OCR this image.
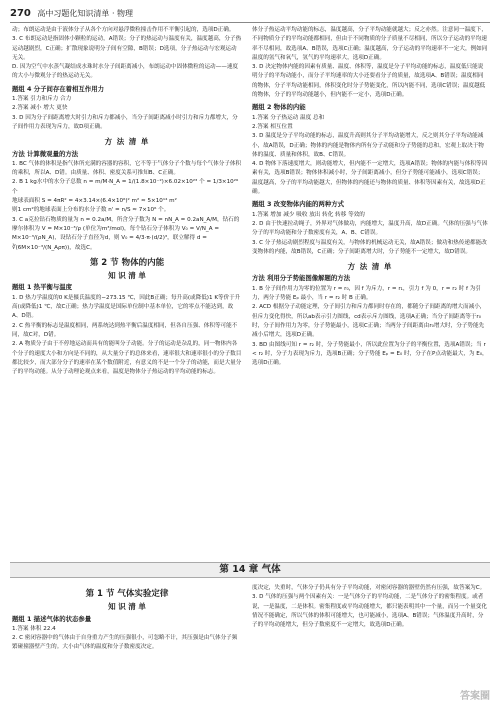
270 高中习题化知识清单 · 物理

动；布朗运动是由于液体分子从各个方向对悬浮微粒撞击作用不平衡引起的，选项D正确。

3. C 布朗运动是指固体小颗粒的运动，A错误；分子的热运动与温度有关，温度越高，分子热运动越剧烈，C正确；扩散现象说明分子间有空隙，B错误；D选项，分子热运动与宏观运动无关。

D. 因为空气中水蒸气凝结成水珠时水分子间距离减小，布朗运动中固体微粒的运动——速度的大小与微观分子的热运动无关。

题组 4 分子间存在着相互作用力

1.答案 引力和斥力 合力

2.答案 减小 增大 更快

3. D 因为分子间距离增大时引力和斥力都减小，当分子间距离减小时引力和斥力都增大，分子间作用力表现为斥力，故D项正确。

方 法 清 单
方法 计算微观量的方法

1. BC 气体的体积是指气体所充满的容器的容积，它不等于气体分子个数与每个气体分子体积的乘积，所以A、D错。由质量、体积、密度关系可推知B、C正确。

2. B 1 kg水中的水分子总数 n = m/M·N_A = 1/(1.8×10⁻²)×6.02×10²³ 个 = 1/3×10²⁶ 个

地球表面积 S = 4πR² = 4×3.14×(6.4×10⁶)² m² ≈ 5×10¹⁴ m²

则1 cm²的地球表面上分布的水分子数 n' = n/S ≈ 7×10⁶ 个。

3. C a克拉钻石物质的量为 n = 0.2a/M，所含分子数为 N = nN_A = 0.2aN_A/M，钻石的摩尔体积为 V = M×10⁻³/ρ (单位为m³/mol)，每个钻石分子体积为 V₀ = V/N_A = M×10⁻³/(ρN_A)，设钻石分子直径为d，则 V₀ = 4/3·π·(d/2)³，联立解得 d = ∛(6M×10⁻³/(N_Aρπ))，故选C。

第 2 节 物体的内能
知 识 清 单
题组 1 热平衡与温度

1. D 热力学温度的0 K是摄氏温度的−273.15 ℃，因此B正确；每升高(或降低)1 K等价于升高(或降低)1 ℃，故C正确；热力学温度是国际单位制中基本单位，它的零点不能达到，故A、D错。

2. C 热平衡的标志是温度相同，两系统达到热平衡后温度相同，但各自压强、体积等可能不同，故C对，D错。

2. A 物质分子由于不停地运动而具有的能叫分子动能。分子的运动是杂乱的，同一物体内各个分子的速度大小和方向是不同的，从大量分子的总体来看，速率很大和速率很小的分子数目都比较少，而大部分分子的速率在某个数值附近，有意义的不是一个分子的动能，而是大量分子的平均动能。从分子动理论观点来看，温度是物体分子热运动的平均动能的标志。

体分子热运动平均动能的标志，温度越高，分子平均动能就越大；反之亦然。注意同一温度下，不同物质分子的平均动能都相同，但由于不同物质的分子质量不尽相同，所以分子运动的平均速率不尽相同，故选项A、B错误，选项C正确；温度越高，分子运动的平均速率不一定大，例如同温度的氢气和氧气，氢气的平均速率大，选项D正确。

3. D 决定物体内能的因素有质量、温度、体积等，温度是分子平均动能的标志，温度低只能说明分子的平均动能小，而分子平均速率的大小还要看分子的质量，故选项A、B错误；温度相同的物体，分子平均动能相同，体积变化时分子势能变化，所以内能不同，选项C错误；温度越低的物体，分子的平均动能越小，但内能不一定小，选项D正确。

题组 2 物体的内能

1.答案 分子热运动 温度 总和

2.答案 相互位置

3. D 温度是分子平均动能的标志，温度升高则其分子平均动能增大，反之则其分子平均动能减小，故A错误，D正确；物体的内能是物体内所有分子动能和分子势能的总和，宏观上取决于物体的温度、质量和体积，故B、C错误。

4. D 物体下落速度增大，则动能增大，但内能不一定增大，选项A错误；物体的内能与体积等因素有关，选项B错误；物体体积减小时，分子间距离减小，但分子势能可能减小，选项C错误；温度越高，分子的平均动能越大，但物体的内能还与物体的质量、体积等因素有关，故选项D正确。

题组 3 改变物体内能的两种方式

1.答案 增加 减少 吸收 放出 转化 转移 等效的

2. D 由于快速拉动绳子，外界对气体做功，内能增大，温度升高，故D正确。气体的压强与气体分子的平均动能和分子数密度有关，A、B、C错误。

3. C 分子热运动剧烈程度与温度有关，与物体的机械运动无关，故A错误；做功和热传递都能改变物体的内能，故B错误，C正确；分子间距离增大时，分子势能不一定增大，故D错误。

方 法 清 单
方法 利用分子势能图像解题的方法

1. B 分子间作用力为零的位置为 r = r₀，因 f 为斥力，r = r₁，引力 f 为 0，r = r₂ 时 f 为引力，两分子势能 Eₚ 最小，当 r = r₂ 时 B 正确。

2. ACD 根据分子动能定理，分子间引力和斥力都同时存在的，都随分子间距离的增大而减小，但斥力变化得快，所以ab表示引力图线，cd表示斥力图线，选项A正确；当分子间距离等于r₀时，分子间作用力为零，分子势能最小，选项C正确；当两分子间距离由r₀增大时，分子势能先减小后增大，选项D正确。

3. BD 由图线可知 r = r₂ 时，分子势能最小，所以此位置为分子的平衡位置，选项A错误；当 r < r₂ 时，分子力表现为斥力，选项B正确；分子势能 Eₚ = E₀ 时，分子在P点动能最大，为 E₀，选项D正确。

第 14 章 气体
第 1 节 气体实验定律
知 识 清 单
题组 1 描述气体的状态参量

1.答案 体积 22.4

2. C 密闭容器中的气体由于自身重力产生的压强很小，可忽略不计，其压强是由气体分子频繁碰撞器壁产生的。大小由气体的温度和分子数密度决定。

度决定，失重时，气体分子仍具有分子平均动能，对密闭容器的器壁仍然有压强，故答案为C。

3. D 气体的压强与两个因素有关：一是气体分子的平均动能，二是气体分子的密集程度。或者说，一是温度，二是体积。密集程度或平均动能增大，都只能表明其中一个量，而另一个量变化情况不能确定，所以气体的体积可能增大，也可能减小，选项A、B错误；气体温度升高时，分子的平均动能增大，但分子数密度不一定增大，故选项D正确。

答案圈
